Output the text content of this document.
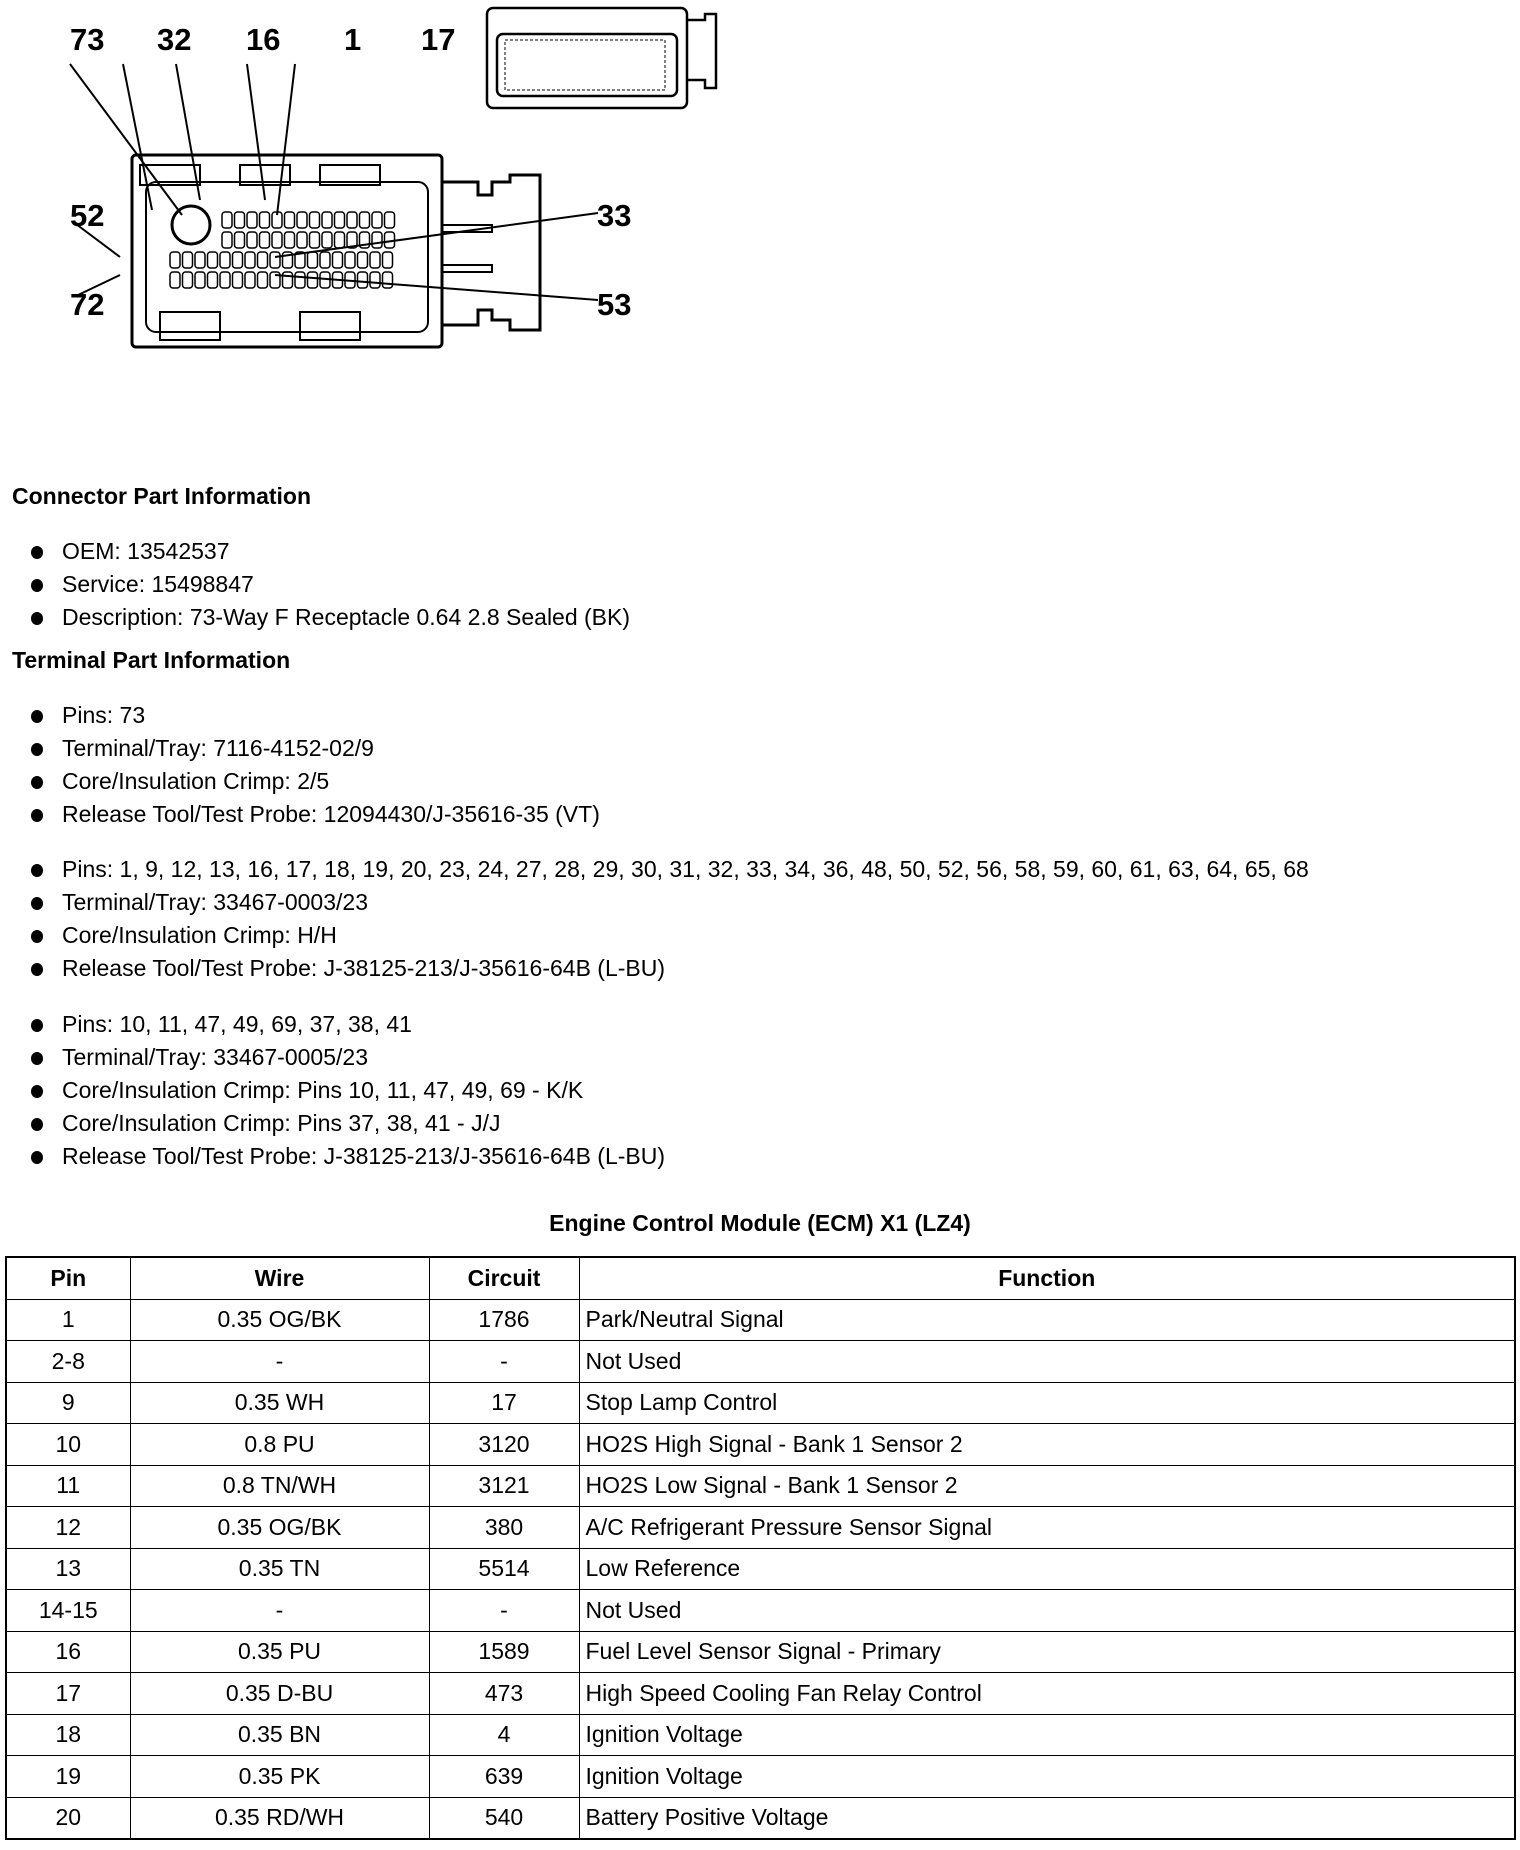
73 32 16 1 17
52
72
33
53
Connector Part Information
OEM: 13542537
Service: 15498847
Description: 73-Way F Receptacle 0.64 2.8 Sealed (BK)
Terminal Part Information
Pins: 73
Terminal/Tray: 7116-4152-02/9
Core/Insulation Crimp: 2/5
Release Tool/Test Probe: 12094430/J-35616-35 (VT)
Pins: 1, 9, 12, 13, 16, 17, 18, 19, 20, 23, 24, 27, 28, 29, 30, 31, 32, 33, 34, 36, 48, 50, 52, 56, 58, 59, 60, 61, 63, 64, 65, 68
Terminal/Tray: 33467-0003/23
Core/Insulation Crimp: H/H
Release Tool/Test Probe: J-38125-213/J-35616-64B (L-BU)
Pins: 10, 11, 47, 49, 69, 37, 38, 41
Terminal/Tray: 33467-0005/23
Core/Insulation Crimp: Pins 10, 11, 47, 49, 69 - K/K
Core/Insulation Crimp: Pins 37, 38, 41 - J/J
Release Tool/Test Probe: J-38125-213/J-35616-64B (L-BU)
Engine Control Module (ECM) X1 (LZ4)
Pin	Wire	Circuit	Function
1	0.35 OG/BK	1786	Park/Neutral Signal
2-8	-	-	Not Used
9	0.35 WH	17	Stop Lamp Control
10	0.8 PU	3120	HO2S High Signal - Bank 1 Sensor 2
11	0.8 TN/WH	3121	HO2S Low Signal - Bank 1 Sensor 2
12	0.35 OG/BK	380	A/C Refrigerant Pressure Sensor Signal
13	0.35 TN	5514	Low Reference
14-15	-	-	Not Used
16	0.35 PU	1589	Fuel Level Sensor Signal - Primary
17	0.35 D-BU	473	High Speed Cooling Fan Relay Control
18	0.35 BN	4	Ignition Voltage
19	0.35 PK	639	Ignition Voltage
20	0.35 RD/WH	540	Battery Positive Voltage
